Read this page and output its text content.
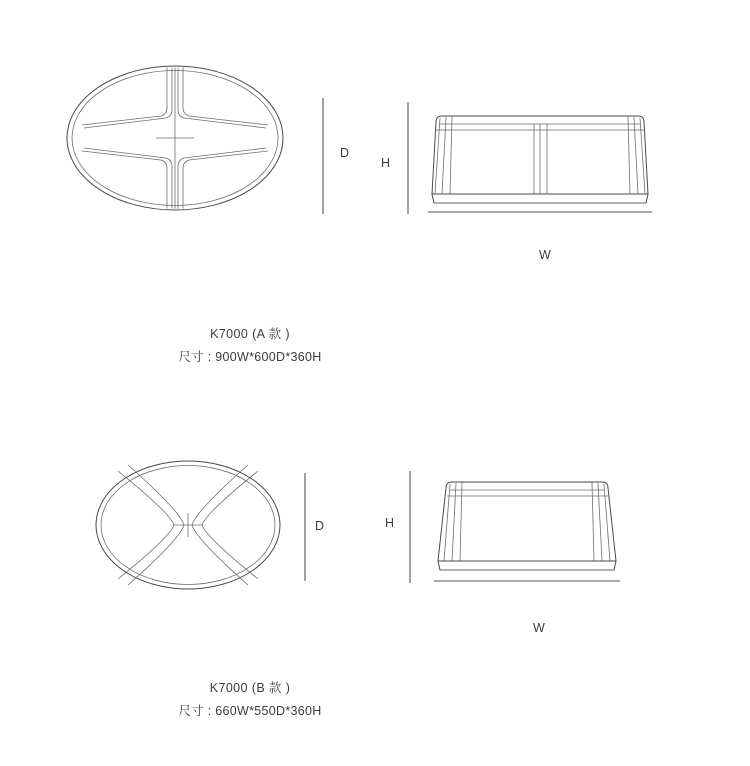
D
H
W
K7000 (A 款 )
尺寸 : 900W*600D*360H
D	H
W
K7000 (B 款 )
尺寸 : 660W*550D*360H
